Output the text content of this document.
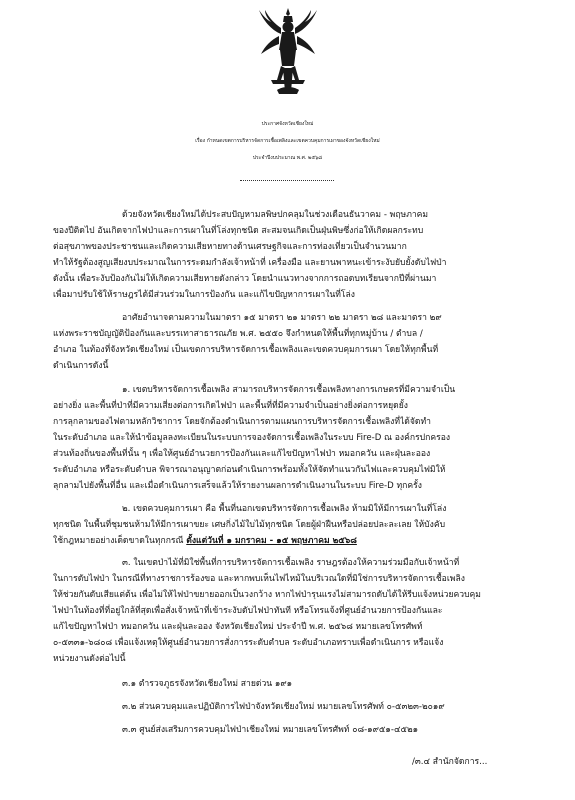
ประกาศจังหวัดเชียงใหม่
เรื่อง กำหนดเขตการบริหารจัดการเชื้อเพลิงและเขตควบคุมการเผาของจังหวัดเชียงใหม่
ประจำปีงบประมาณ พ.ศ. ๒๕๖๘
ด้วยจังหวัดเชียงใหม่ได้ประสบปัญหามลพิษปกคลุมในช่วงเดือนธันวาคม - พฤษภาคม
ของปีติดไป อันเกิดจากไฟป่าและการเผาในที่โล่งทุกชนิด สะสมจนเกิดเป็นฝุ่นพิษซึ่งก่อให้เกิดผลกระทบ
ต่อสุขภาพของประชาชนและเกิดความเสียหายทางด้านเศรษฐกิจและการท่องเที่ยวเป็นจำนวนมาก
ทำให้รัฐต้องสูญเสียงบประมาณในการระดมกำลังเจ้าหน้าที่ เครื่องมือ และยานพาหนะเข้าระงับยับยั้งดับไฟป่า
ดังนั้น เพื่อระงับป้องกันไม่ให้เกิดความเสียหายดังกล่าว โดยนำแนวทางจากการถอดบทเรียนจากปีที่ผ่านมา
เพื่อมาปรับใช้ให้ราษฎรได้มีส่วนร่วมในการป้องกัน และแก้ไขปัญหาการเผาในที่โล่ง
อาศัยอำนาจตามความในมาตรา ๑๕ มาตรา ๒๑ มาตรา ๒๒ มาตรา ๒๘ และมาตรา ๒๙
แห่งพระราชบัญญัติป้องกันและบรรเทาสาธารณภัย พ.ศ. ๒๕๕๐ จึงกำหนดให้พื้นที่ทุกหมู่บ้าน / ตำบล /
อำเภอ ในท้องที่จังหวัดเชียงใหม่ เป็นเขตการบริหารจัดการเชื้อเพลิงและเขตควบคุมการเผา โดยให้ทุกพื้นที่
ดำเนินการดังนี้
๑. เขตบริหารจัดการเชื้อเพลิง สามารถบริหารจัดการเชื้อเพลิงทางการเกษตรที่มีความจำเป็น
อย่างยิ่ง และพื้นที่ป่าที่มีความเสี่ยงต่อการเกิดไฟป่า และพื้นที่ที่มีความจำเป็นอย่างยิ่งต่อการหยุดยั้ง
การลุกลามของไฟตามหลักวิชาการ โดยจักต้องดำเนินการตามแผนการบริหารจัดการเชื้อเพลิงที่ได้จัดทำ
ในระดับอำเภอ และให้นำข้อมูลลงทะเบียนในระบบการจองจัดการเชื้อเพลิงในระบบ Fire-D ณ องค์กรปกครอง
ส่วนท้องถิ่นของพื้นที่นั้น ๆ เพื่อให้ศูนย์อำนวยการป้องกันและแก้ไขปัญหาไฟป่า หมอกควัน และฝุ่นละออง
ระดับอำเภอ หรือระดับตำบล พิจารณาอนุญาตก่อนดำเนินการพร้อมทั้งให้จัดทำแนวกันไฟและควบคุมไฟมิให้
ลุกลามไปยังพื้นที่อื่น และเมื่อดำเนินการเสร็จแล้วให้รายงานผลการดำเนินงานในระบบ Fire-D ทุกครั้ง
๒. เขตควบคุมการเผา คือ พื้นที่นอกเขตบริหารจัดการเชื้อเพลิง ห้ามมิให้มีการเผาในที่โล่ง
ทุกชนิด ในพื้นที่ชุมชนห้ามให้มีการเผาขยะ เศษกิ่งไม้ใบไม้ทุกชนิด โดยผู้ฝ่าฝืนหรือปล่อยปละละเลย ให้บังคับ
ใช้กฎหมายอย่างเด็ดขาดในทุกกรณี ตั้งแต่วันที่ ๑ มกราคม - ๑๕ พฤษภาคม ๒๕๖๘
๓. ในเขตป่าไม้ที่มิใช่พื้นที่การบริหารจัดการเชื้อเพลิง ราษฎรต้องให้ความร่วมมือกับเจ้าหน้าที่
ในการดับไฟป่า ในกรณีที่ทางราชการร้องขอ และหากพบเห็นไฟไหม้ในบริเวณใดที่มิใช่การบริหารจัดการเชื้อเพลิง
ให้ช่วยกันดับเสียแต่ต้น เพื่อไม่ให้ไฟป่าขยายออกเป็นวงกว้าง หากไฟป่ารุนแรงไม่สามารถดับได้ให้รีบแจ้งหน่วยควบคุม
ไฟป่าในท้องที่ที่อยู่ใกล้ที่สุดเพื่อสั่งเจ้าหน้าที่เข้าระงับดับไฟป่าทันที หรือโทรแจ้งที่ศูนย์อำนวยการป้องกันและ
แก้ไขปัญหาไฟป่า หมอกควัน และฝุ่นละออง จังหวัดเชียงใหม่ ประจำปี พ.ศ. ๒๕๖๘ หมายเลขโทรศัพท์
๐-๕๓๓๑-๖๘๐๘ เพื่อแจ้งเหตุให้ศูนย์อำนวยการสั่งการระดับตำบล ระดับอำเภอทราบเพื่อดำเนินการ หรือแจ้ง
หน่วยงานดังต่อไปนี้
๓.๑ ตำรวจภูธรจังหวัดเชียงใหม่ สายด่วน ๑๙๑
๓.๒ ส่วนควบคุมและปฏิบัติการไฟป่าจังหวัดเชียงใหม่ หมายเลขโทรศัพท์ ๐-๕๓๒๓-๒๐๑๙
๓.๓ ศูนย์ส่งเสริมการควบคุมไฟป่าเชียงใหม่ หมายเลขโทรศัพท์ ๐๘-๑๙๕๑-๔๕๒๑
/๓.๔ สำนักจัดการ...
